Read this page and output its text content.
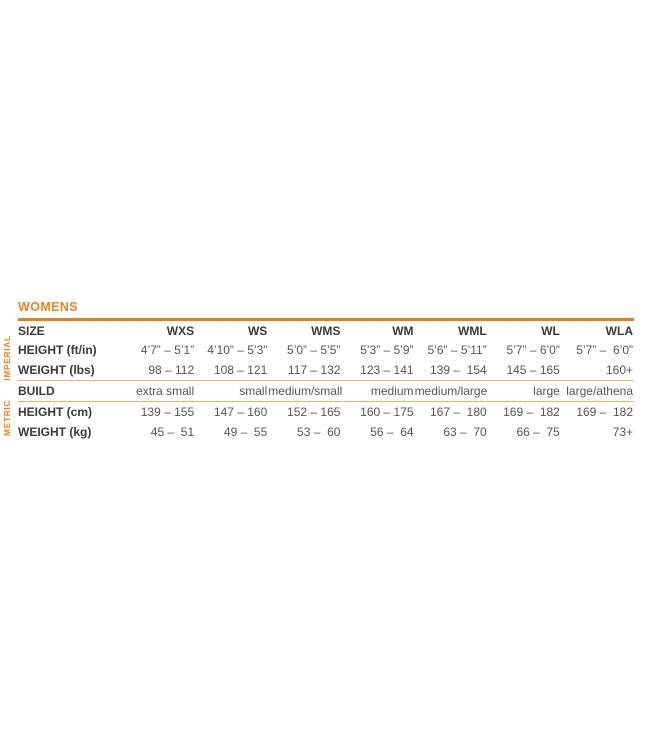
WOMENS
SIZE	WXS	WS	WMS	WM	WML	WL	WLA
HEIGHT (ft/in)	4’7” – 5’1”	4’10” – 5’3”	5’0” – 5’5”	5’3” – 5’9”	5’6” – 5’11”	5’7” – 6’0”	5’7” –  6’0”
WEIGHT (lbs)	98 – 112	108 – 121	117 – 132	123 – 141	139 –  154	145 – 165	160+
BUILD	extra small	small	medium/small	medium	medium/large	large	large/athena
HEIGHT (cm)	139 – 155	147 – 160	152 – 165	160 – 175	167 –  180	169 –  182	169 –  182
WEIGHT (kg)	45 –  51	49 –  55	53 –  60	56 –  64	63 –  70	66 –  75	73+
IMPERIAL
METRIC
